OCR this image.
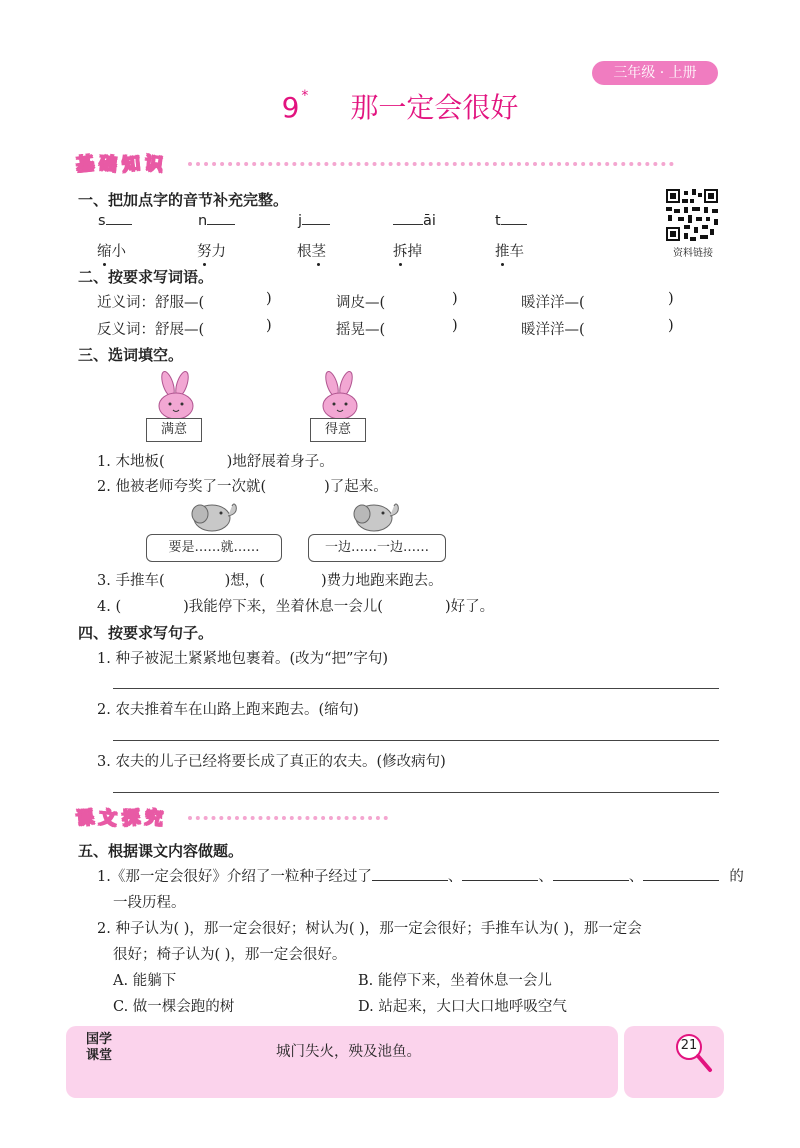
三年级 · 上册
9 * 那一定会很好
基础 知识
资料链接
一、把加点字的音节补充完整。
s	n	j	āi	t
缩小	努力	根茎	拆掉	推车
二、按要求写词语。
近义词：舒服—(	)	调皮—(	)	暖洋洋—(	)
反义词：舒展—(	)	摇晃—(	)	暖洋洋—(	)
三、选词填空。
满意	得意
1. 木地板(	)地舒展着身子。
2. 他被老师夸奖了一次就(	)了起来。
要是……就……	一边……一边……
3. 手推车(	)想，(	)费力地跑来跑去。
4. (	)我能停下来，坐着休息一会儿(	)好了。
四、按要求写句子。
1. 种子被泥土紧紧地包裹着。(改为“把”字句)
2. 农夫推着车在山路上跑来跑去。(缩句)
3. 农夫的儿子已经将要长成了真正的农夫。(修改病句)
课文 探究
五、根据课文内容做题。
1.《那一定会很好》介绍了一粒种子经过了	、	、	、	的
一段历程。
2. 种子认为( )，那一定会很好；树认为( )，那一定会很好；手推车认为( )，那一定会
很好；椅子认为( )，那一定会很好。
A. 能躺下	B. 能停下来，坐着休息一会儿
C. 做一棵会跑的树	D. 站起来，大口大口地呼吸空气
国学
课堂	城门失火，殃及池鱼。	21
